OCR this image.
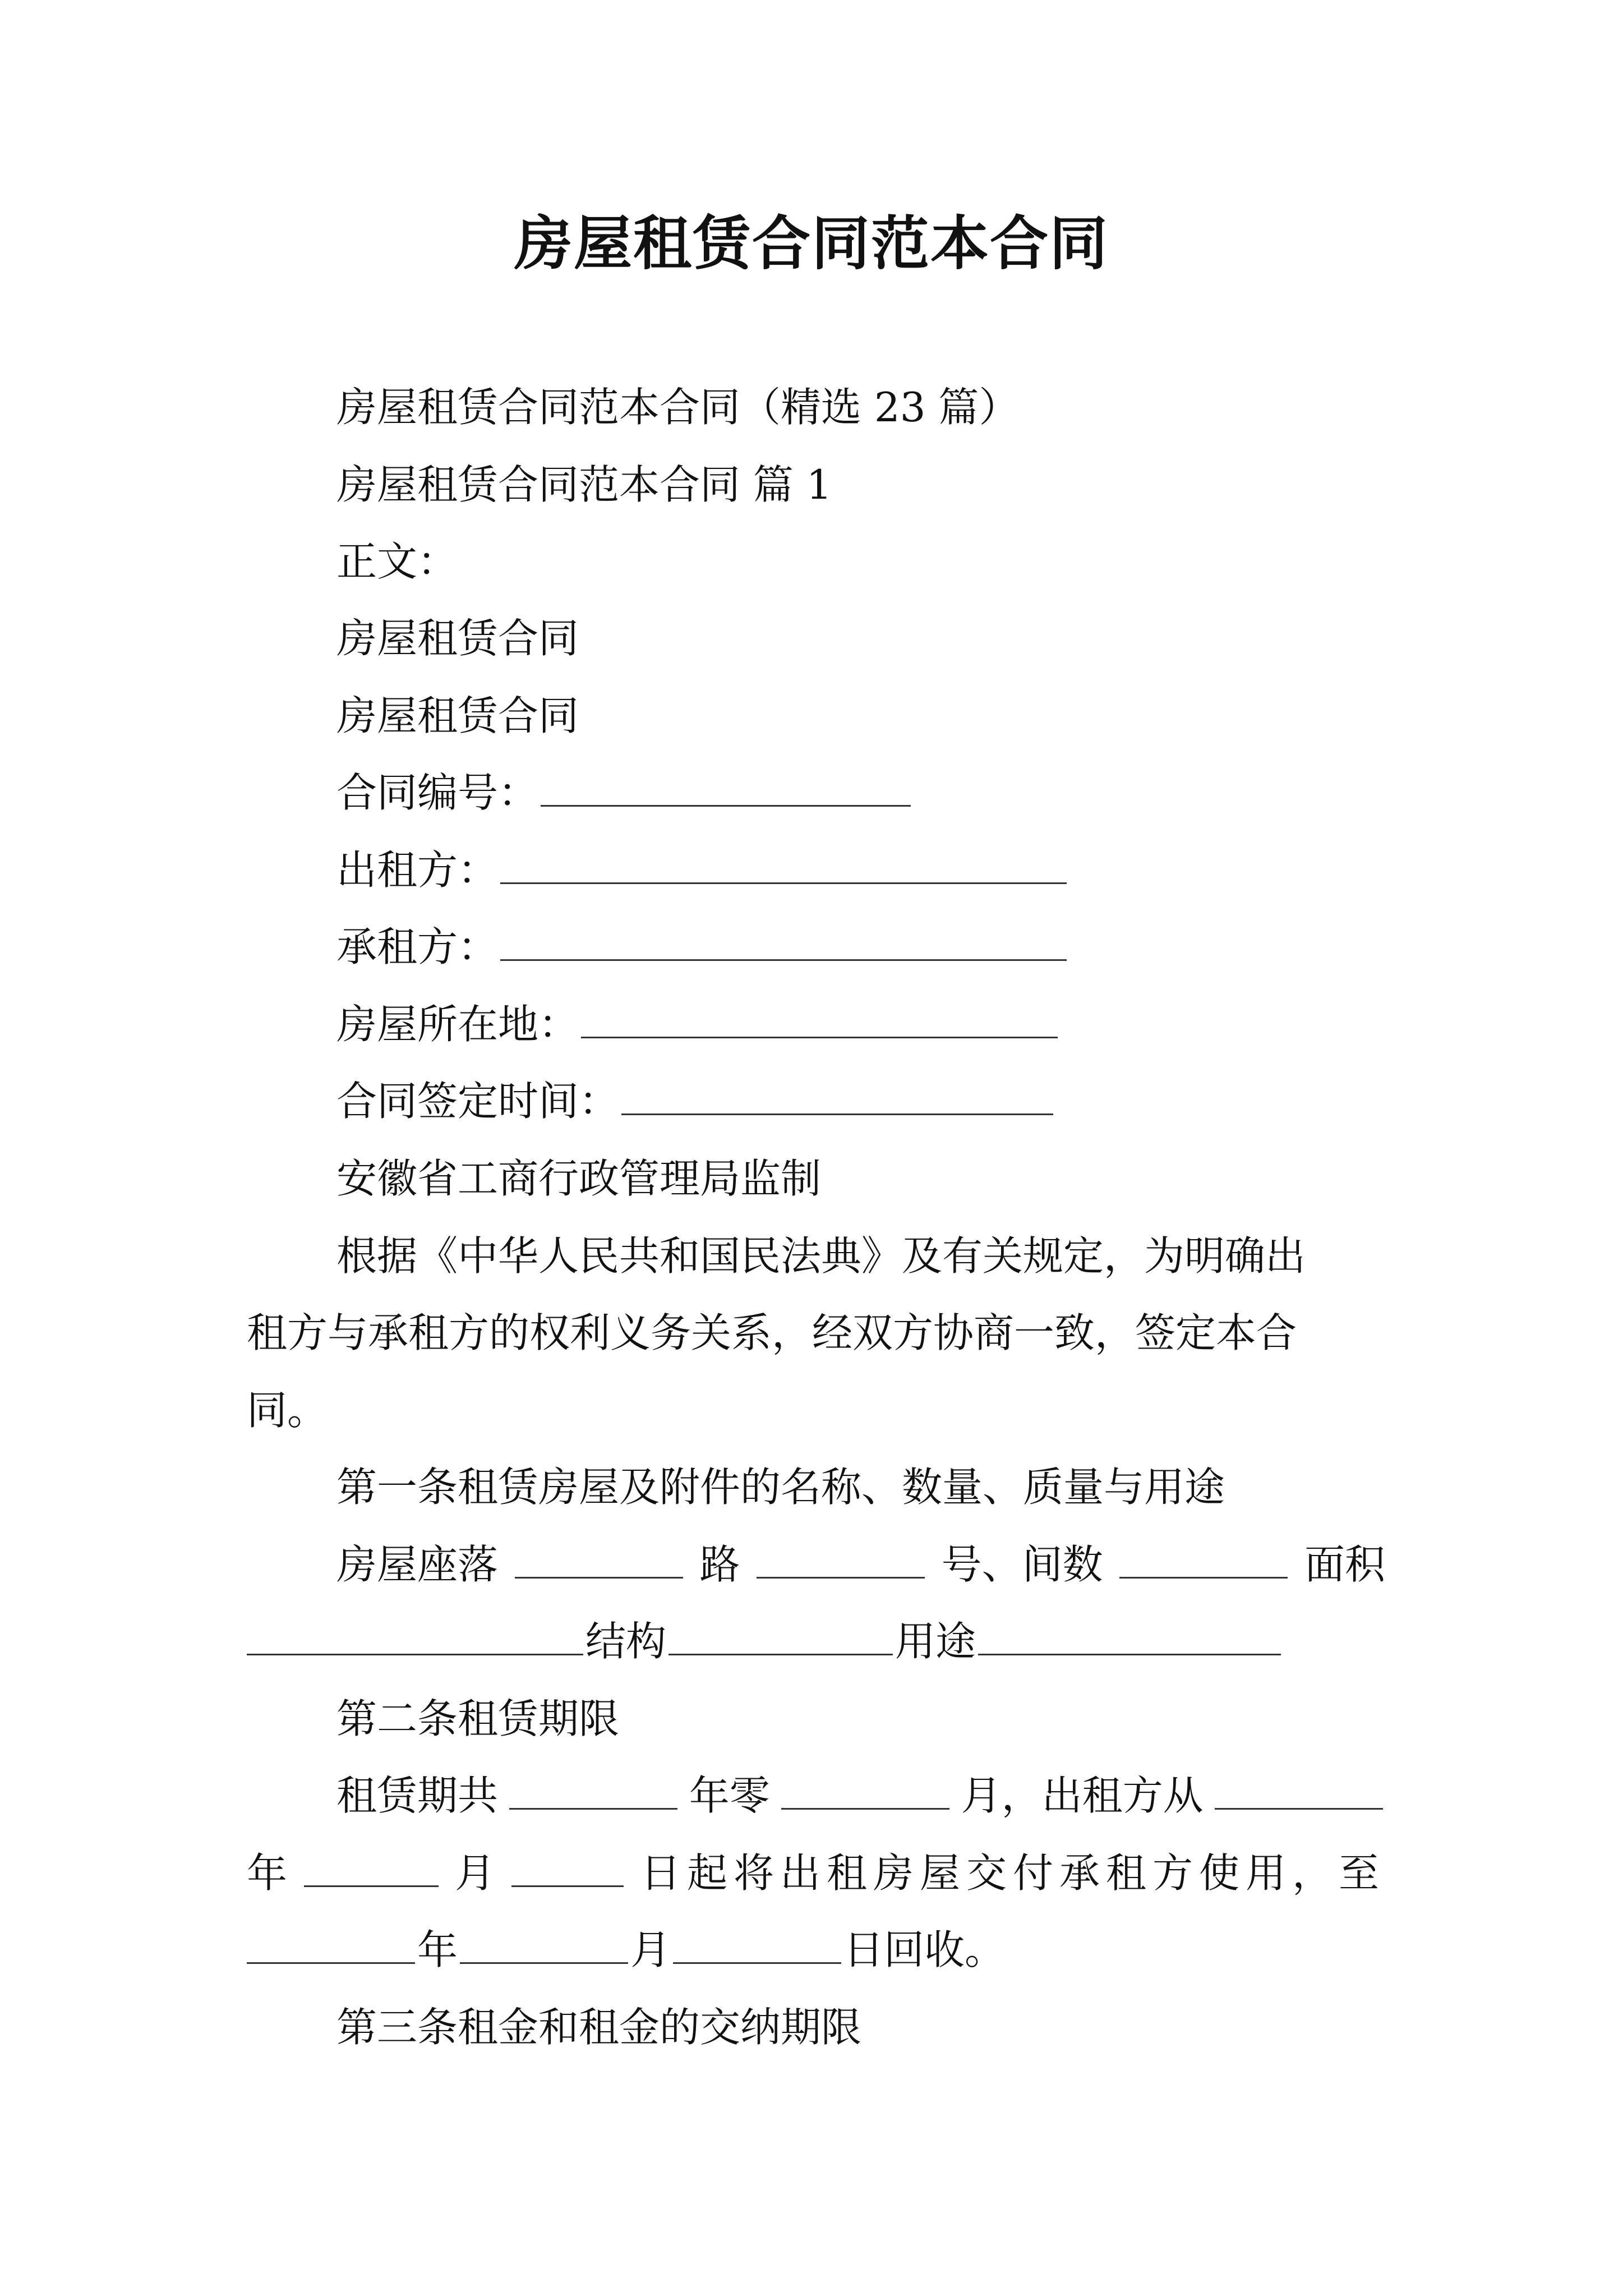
房屋租赁合同范本合同
房屋租赁合同范本合同（精选 23 篇）
房屋租赁合同范本合同 篇 1
正文：
房屋租赁合同
房屋租赁合同
合同编号：
出租方：
承租方：
房屋所在地：
合同签定时间：
安徽省工商行政管理局监制
根据《中华人民共和国民法典》及有关规定，为明确出
租方与承租方的权利义务关系，经双方协商一致，签定本合
同。
第一条租赁房屋及附件的名称、数量、质量与用途
房屋座落	路	号、间数	面积
结构	用途
第二条租赁期限
租赁期共	年零	月，出租方从
年	月	日起将出租房屋交付承租方使用，至
年	月	日回收。
第三条租金和租金的交纳期限
